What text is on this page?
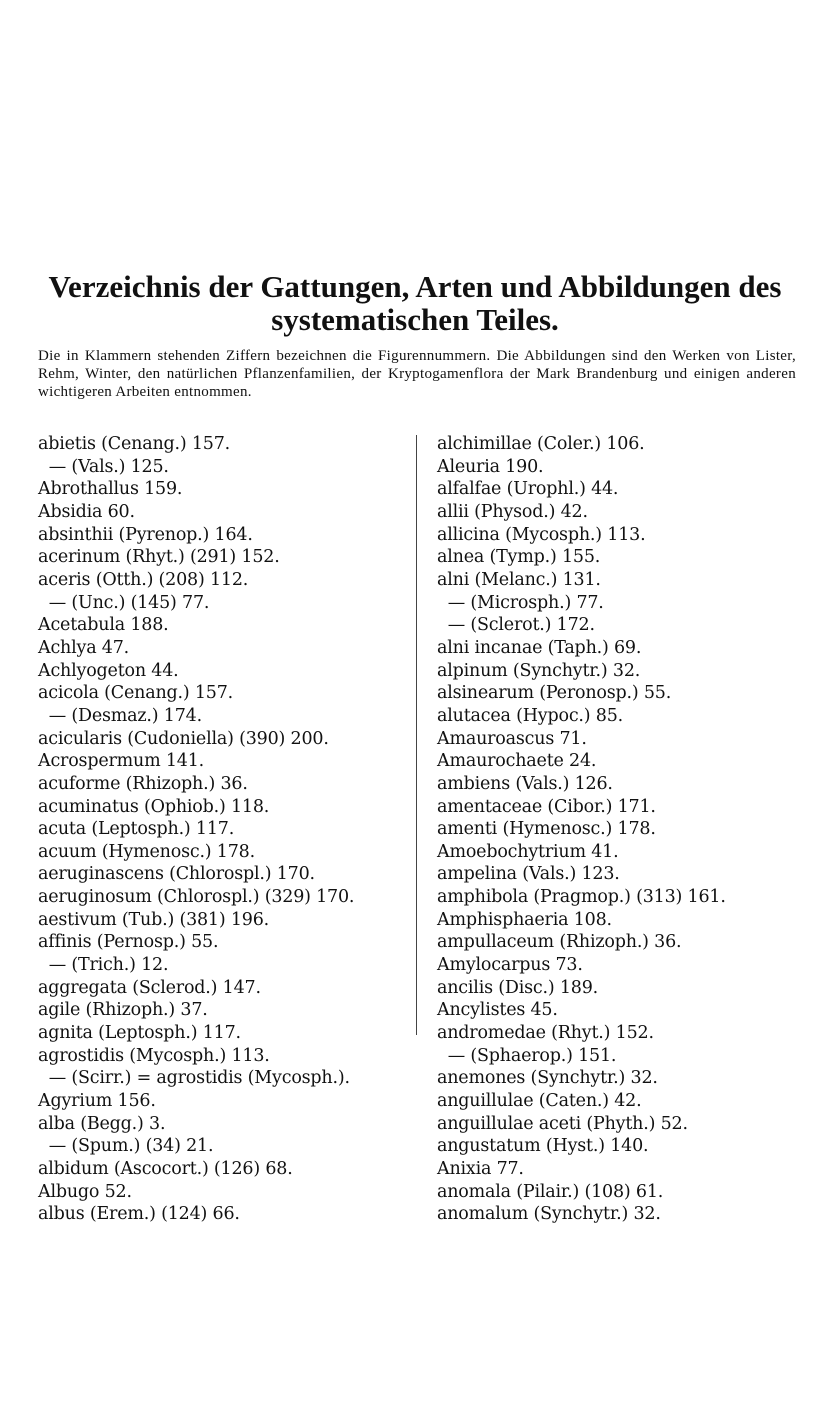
Verzeichnis der Gattungen, Arten und Abbildungen des
systematischen Teiles.

Die in Klammern stehenden Ziffern bezeichnen die Figurennummern. Die Abbildungen sind den Werken von Lister, Rehm, Winter, den natürlichen Pflanzenfamilien, der Kryptogamenflora der Mark Brandenburg und einigen anderen wichtigeren Arbeiten entnommen.

abietis (Cenang.) 157.
— (Vals.) 125.
Abrothallus 159.
Absidia 60.
absinthii (Pyrenop.) 164.
acerinum (Rhyt.) (291) 152.
aceris (Otth.) (208) 112.
— (Unc.) (145) 77.
Acetabula 188.
Achlya 47.
Achlyogeton 44.
acicola (Cenang.) 157.
— (Desmaz.) 174.
acicularis (Cudoniella) (390) 200.
Acrospermum 141.
acuforme (Rhizoph.) 36.
acuminatus (Ophiob.) 118.
acuta (Leptosph.) 117.
acuum (Hymenosc.) 178.
aeruginascens (Chlorospl.) 170.
aeruginosum (Chlorospl.) (329) 170.
aestivum (Tub.) (381) 196.
affinis (Pernosp.) 55.
— (Trich.) 12.
aggregata (Sclerod.) 147.
agile (Rhizoph.) 37.
agnita (Leptosph.) 117.
agrostidis (Mycosph.) 113.
— (Scirr.) = agrostidis (Mycosph.).
Agyrium 156.
alba (Begg.) 3.
— (Spum.) (34) 21.
albidum (Ascocort.) (126) 68.
Albugo 52.
albus (Erem.) (124) 66.
alchimillae (Coler.) 106.
Aleuria 190.
alfalfae (Urophl.) 44.
allii (Physod.) 42.
allicina (Mycosph.) 113.
alnea (Tymp.) 155.
alni (Melanc.) 131.
— (Microsph.) 77.
— (Sclerot.) 172.
alni incanae (Taph.) 69.
alpinum (Synchytr.) 32.
alsinearum (Peronosp.) 55.
alutacea (Hypoc.) 85.
Amauroascus 71.
Amaurochaete 24.
ambiens (Vals.) 126.
amentaceae (Cibor.) 171.
amenti (Hymenosc.) 178.
Amoebochytrium 41.
ampelina (Vals.) 123.
amphibola (Pragmop.) (313) 161.
Amphisphaeria 108.
ampullaceum (Rhizoph.) 36.
Amylocarpus 73.
ancilis (Disc.) 189.
Ancylistes 45.
andromedae (Rhyt.) 152.
— (Sphaerop.) 151.
anemones (Synchytr.) 32.
anguillulae (Caten.) 42.
anguillulae aceti (Phyth.) 52.
angustatum (Hyst.) 140.
Anixia 77.
anomala (Pilair.) (108) 61.
anomalum (Synchytr.) 32.
